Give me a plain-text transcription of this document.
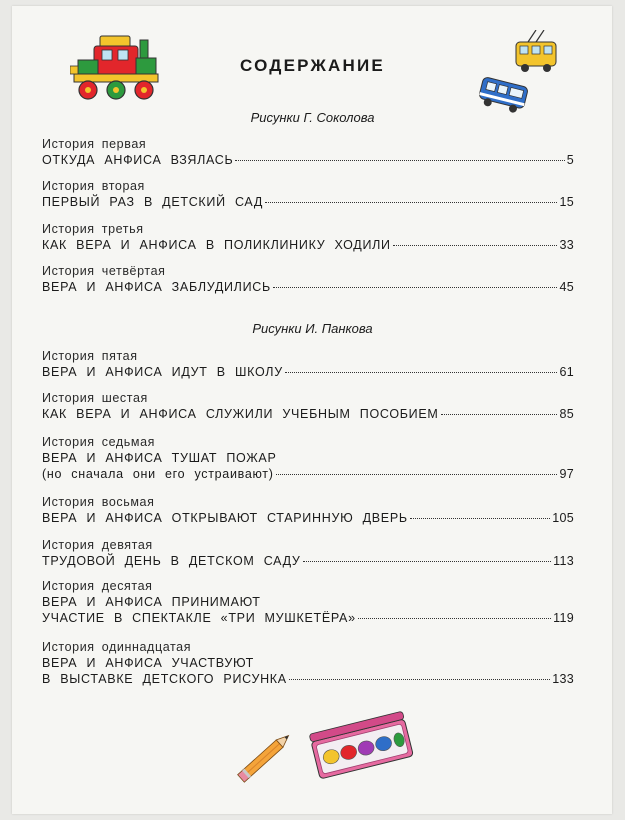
СОДЕРЖАНИЕ
Рисунки Г. Соколова
Рисунки И. Панкова
История первая
ОТКУДА АНФИСА ВЗЯЛАСЬ	5
История вторая
ПЕРВЫЙ РАЗ В ДЕТСКИЙ САД	15
История третья
КАК ВЕРА И АНФИСА В ПОЛИКЛИНИКУ ХОДИЛИ	33
История четвёртая
ВЕРА И АНФИСА ЗАБЛУДИЛИСЬ	45
История пятая
ВЕРА И АНФИСА ИДУТ В ШКОЛУ	61
История шестая
КАК ВЕРА И АНФИСА СЛУЖИЛИ УЧЕБНЫМ ПОСОБИЕМ	85
История седьмая
ВЕРА И АНФИСА ТУШАТ ПОЖАР
(но сначала они его устраивают)	97
История восьмая
ВЕРА И АНФИСА ОТКРЫВАЮТ СТАРИННУЮ ДВЕРЬ	105
История девятая
ТРУДОВОЙ ДЕНЬ В ДЕТСКОМ САДУ	113
История десятая
ВЕРА И АНФИСА ПРИНИМАЮТ
УЧАСТИЕ В СПЕКТАКЛЕ «ТРИ МУШКЕТЁРА»	119
История одиннадцатая
ВЕРА И АНФИСА УЧАСТВУЮТ
В ВЫСТАВКЕ ДЕТСКОГО РИСУНКА	133
